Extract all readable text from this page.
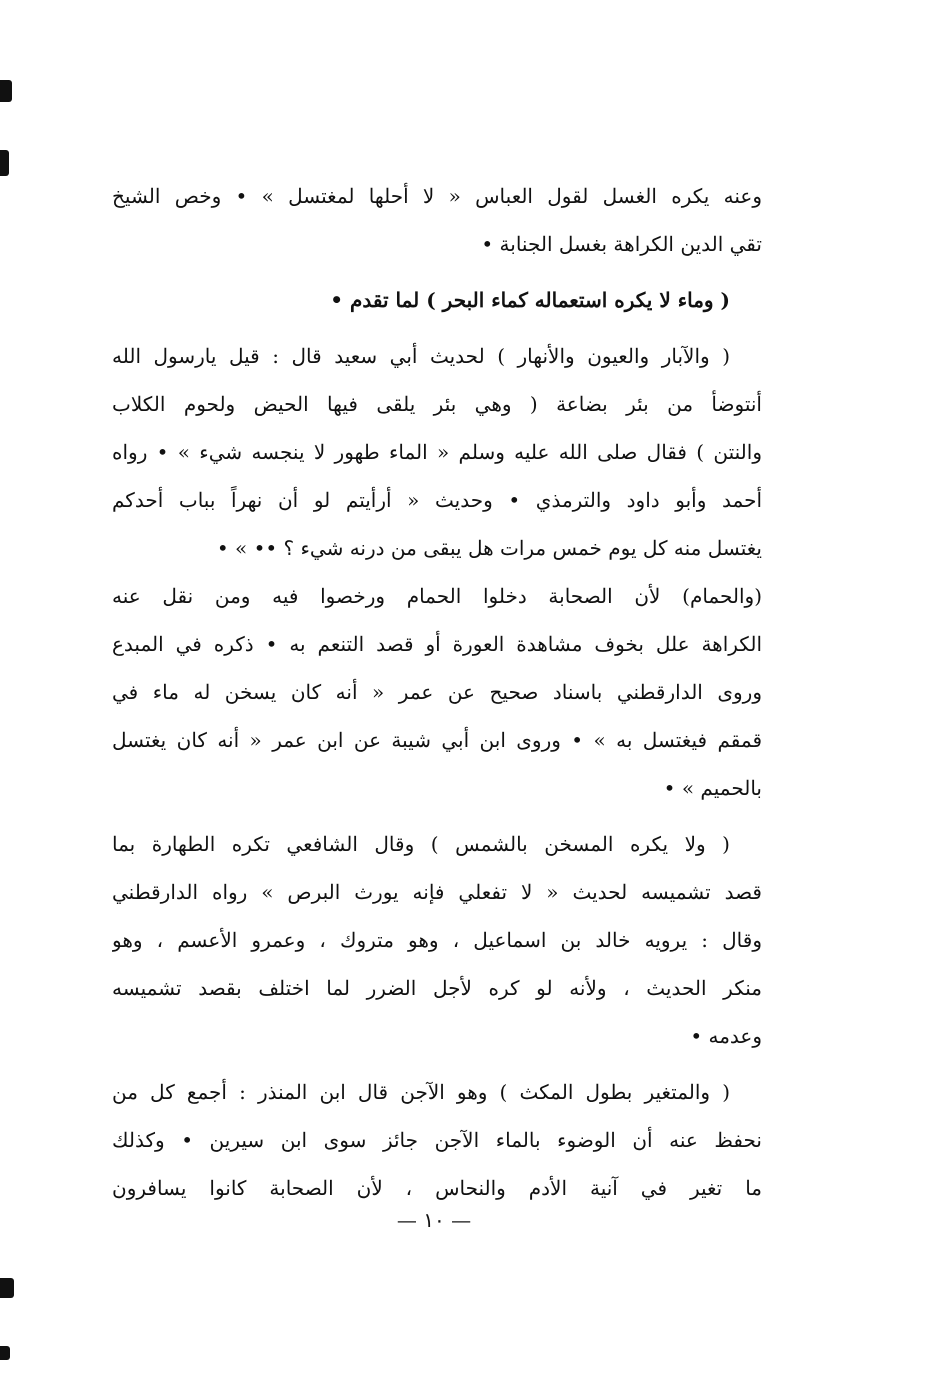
وعنه يكره الغسل لقول العباس « لا أحلها لمغتسل » • وخص الشيخ
تقي الدين الكراهة بغسل الجنابة •
( وماء لا يكره استعماله كماء البحر ) لما تقدم •
( والآبار والعيون والأنهار ) لحديث أبي سعيد قال : قيل يارسول الله
أنتوضأ من بئر بضاعة ( وهي بئر يلقى فيها الحيض ولحوم الكلاب
والنتن ) فقال صلى الله عليه وسلم « الماء طهور لا ينجسه شيء » • رواه
أحمد وأبو داود والترمذي • وحديث « أرأيتم لو أن نهراً بباب أحدكم
يغتسل منه كل يوم خمس مرات هل يبقى من درنه شيء ؟ •• » •
(والحمام) لأن الصحابة دخلوا الحمام ورخصوا فيه ومن نقل عنه
الكراهة علل بخوف مشاهدة العورة أو قصد التنعم به • ذكره في المبدع
وروى الدارقطني باسناد صحيح عن عمر « أنه كان يسخن له ماء في
قمقم فيغتسل به » • وروى ابن أبي شيبة عن ابن عمر « أنه كان يغتسل
بالحميم » •
( ولا يكره المسخن بالشمس ) وقال الشافعي تكره الطهارة بما
قصد تشميسه لحديث « لا تفعلي فإنه يورث البرص » رواه الدارقطني
وقال : يرويه خالد بن اسماعيل ، وهو متروك ، وعمرو الأعسم ، وهو
منكر الحديث ، ولأنه لو كره لأجل الضرر لما اختلف بقصد تشميسه
وعدمه •
( والمتغير بطول المكث ) وهو الآجن قال ابن المنذر : أجمع كل من
نحفظ عنه أن الوضوء بالماء الآجن جائز سوى ابن سيرين • وكذلك
ما تغير في آنية الأدم والنحاس ، لأن الصحابة كانوا يسافرون
— ١٠ —
